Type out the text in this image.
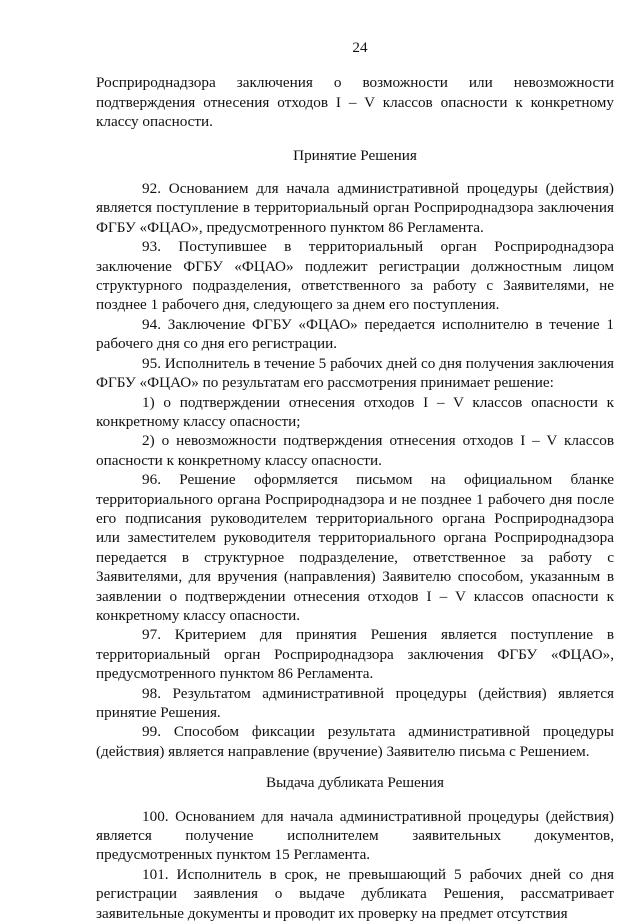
24

Росприроднадзора заключения о возможности или невозможности подтверждения отнесения отходов I – V классов опасности к конкретному классу опасности.

Принятие Решения

92. Основанием для начала административной процедуры (действия) является поступление в территориальный орган Росприроднадзора заключения ФГБУ «ФЦАО», предусмотренного пунктом 86 Регламента.

93. Поступившее в территориальный орган Росприроднадзора заключение ФГБУ «ФЦАО» подлежит регистрации должностным лицом структурного подразделения, ответственного за работу с Заявителями, не позднее 1 рабочего дня, следующего за днем его поступления.

94. Заключение ФГБУ «ФЦАО» передается исполнителю в течение 1 рабочего дня со дня его регистрации.

95. Исполнитель в течение 5 рабочих дней со дня получения заключения ФГБУ «ФЦАО» по результатам его рассмотрения принимает решение:

1) о подтверждении отнесения отходов I – V классов опасности к конкретному классу опасности;

2) о невозможности подтверждения отнесения отходов I – V классов опасности к конкретному классу опасности.

96. Решение оформляется письмом на официальном бланке территориального органа Росприроднадзора и не позднее 1 рабочего дня после его подписания руководителем территориального органа Росприроднадзора или заместителем руководителя территориального органа Росприроднадзора передается в структурное подразделение, ответственное за работу с Заявителями, для вручения (направления) Заявителю способом, указанным в заявлении о подтверждении отнесения отходов I – V классов опасности к конкретному классу опасности.

97. Критерием для принятия Решения является поступление в территориальный орган Росприроднадзора заключения ФГБУ «ФЦАО», предусмотренного пунктом 86 Регламента.

98. Результатом административной процедуры (действия) является принятие Решения.

99. Способом фиксации результата административной процедуры (действия) является направление (вручение) Заявителю письма с Решением.

Выдача дубликата Решения

100. Основанием для начала административной процедуры (действия) является получение исполнителем заявительных документов, предусмотренных пунктом 15 Регламента.

101. Исполнитель в срок, не превышающий 5 рабочих дней со дня регистрации заявления о выдаче дубликата Решения, рассматривает заявительные документы и проводит их проверку на предмет отсутствия
